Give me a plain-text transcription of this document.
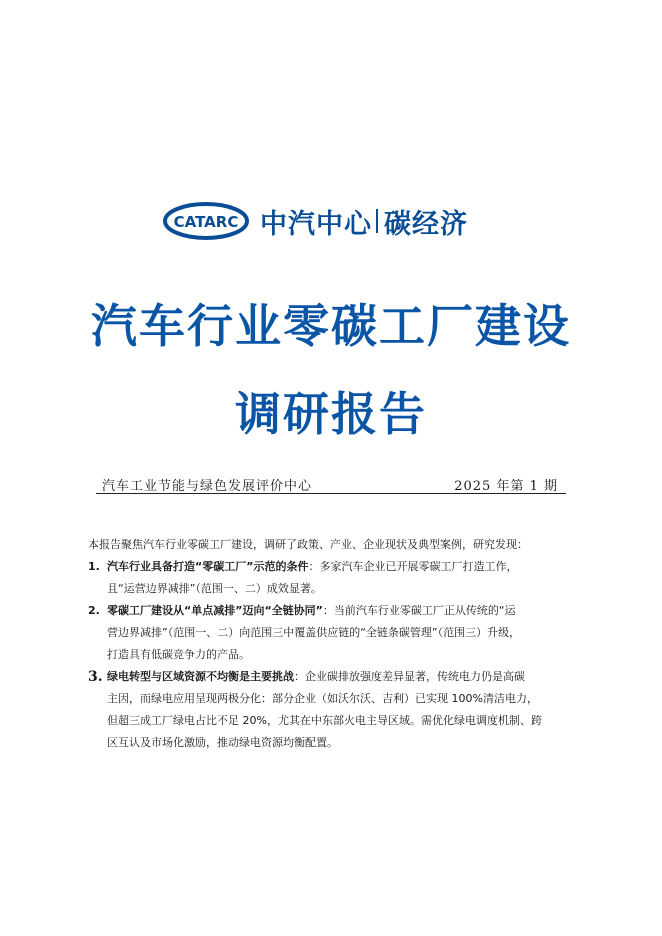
CATARC 中汽中心 碳经济
汽车行业零碳工厂建设
调研报告
汽车工业节能与绿色发展评价中心	2025 年第 1 期

本报告聚焦汽车行业零碳工厂建设，调研了政策、产业、企业现状及典型案例，研究发现：

1. 汽车行业具备打造“零碳工厂”示范的条件：多家汽车企业已开展零碳工厂打造工作，
且“运营边界减排”（范围一、二）成效显著。
2. 零碳工厂建设从“单点减排”迈向“全链协同”：当前汽车行业零碳工厂正从传统的“运
营边界减排”（范围一、二）向范围三中覆盖供应链的“全链条碳管理”（范围三）升级，
打造具有低碳竞争力的产品。
3. 绿电转型与区域资源不均衡是主要挑战：企业碳排放强度差异显著，传统电力仍是高碳
主因，而绿电应用呈现两极分化：部分企业（如沃尔沃、吉利）已实现 100%清洁电力，
但超三成工厂绿电占比不足 20%，尤其在中东部火电主导区域。需优化绿电调度机制、跨
区互认及市场化激励，推动绿电资源均衡配置。
